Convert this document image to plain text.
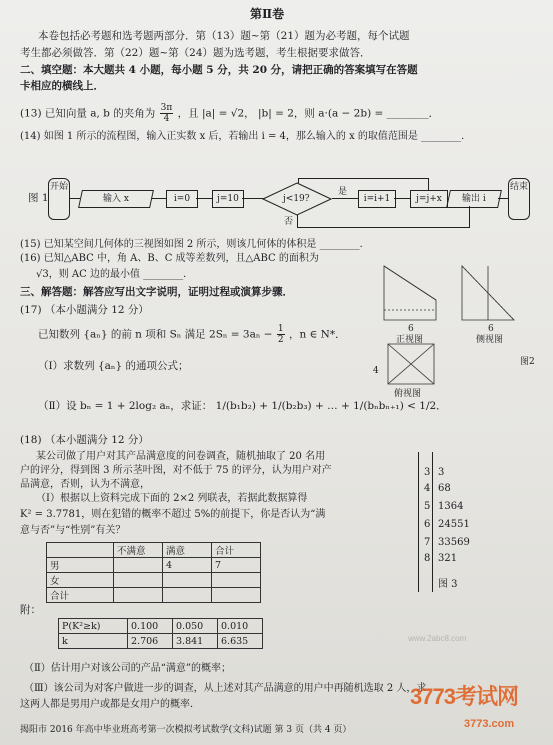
第Ⅱ卷
本卷包括必考题和选考题两部分．第（13）题~第（21）题为必考题，每个试题
考生都必须做答．第（22）题~第（24）题为选考题，考生根据要求做答．
二、填空题：本大题共 4 小题，每小题 5 分，共 20 分，请把正确的答案填写在答题
卡相应的横线上．
(13) 已知向量 a, b 的夹角为 $\frac{3\pi}{4}$ ，且 |a| = √2， |b| = 2，则 a·(a − 2b) = ________．
(14) 如图 1 所示的流程图，输入正实数 x 后，若输出 i = 4，那么输入的 x 的取值范围是 ________．
图 1
开始
输入 x	i=0	j=10	j<19?
是
i=i+1	j=j+x
否
输出 i
结束
(15) 已知某空间几何体的三视图如图 2 所示，则该几何体的体积是 ________．
(16) 已知△ABC 中，角 A、B、C 成等差数列，且△ABC 的面积为
√3，则 AC 边的最小值 ________．
6	6
4
正视图	侧视图
俯视图
图2
三、解答题：解答应写出文字说明，证明过程或演算步骤．
(17) （本小题满分 12 分）
已知数列 {aₙ} 的前 n 项和 Sₙ 满足 $2S_n = 3a_n - \frac{1}{2}$ ，n ∈ N*．
（Ⅰ）求数列 {aₙ} 的通项公式；
（Ⅱ）设 bₙ = 1 + 2log₂ aₙ，求证： 1/(b₁b₂) + 1/(b₂b₃) + … + 1/(bₙbₙ₊₁) < 1/2．
(18) （本小题满分 12 分）
某公司做了用户对其产品满意度的问卷调查，随机抽取了 20 名用
户的评分，得到图 3 所示茎叶图，对不低于 75 的评分，认为用户对产
品满意，否则，认为不满意，
（Ⅰ）根据以上资料完成下面的 2×2 列联表，若据此数据算得
K² = 3.7781，则在犯错的概率不超过 5%的前提下，你是否认为“满
意与否”与“性别”有关？
	不满意	满意	合计
男		4	7
女			
合计			
3 3
4 68
5 1364
6 24551
7 33569
8 321
图 3
附：
P(K²≥k)	0.100	0.050	0.010
k	2.706	3.841	6.635	www.2abc8.com
（Ⅱ）估计用户对该公司的产品“满意”的概率；
（Ⅲ）该公司为对客户做进一步的调查，从上述对其产品满意的用户中再随机选取 2 人，求
这两人都是男用户或都是女用户的概率．
揭阳市 2016 年高中毕业班高考第一次模拟考试数学(文科)试题 第 3 页（共 4 页）
3773考试网
3773.com
